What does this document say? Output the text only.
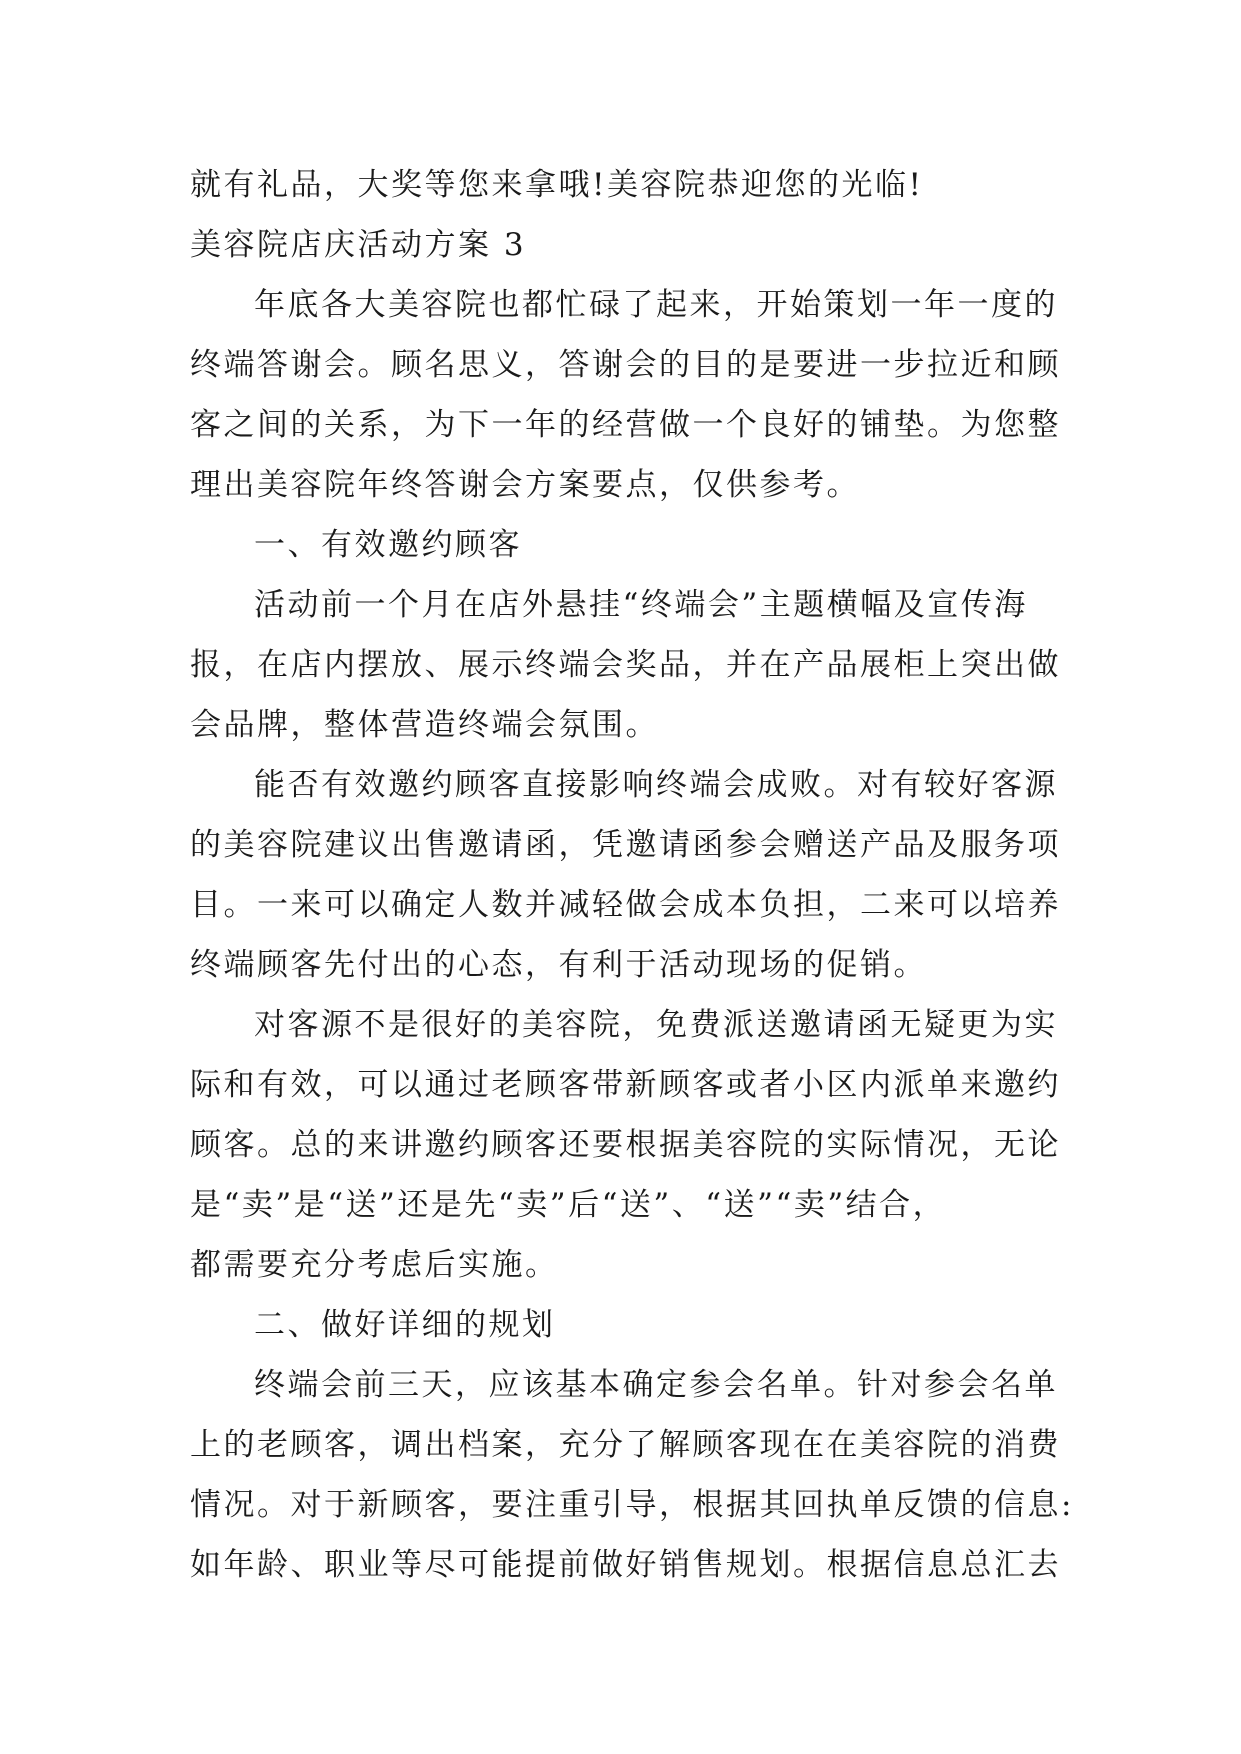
就有礼品，大奖等您来拿哦!美容院恭迎您的光临!
美容院店庆活动方案 3
年底各大美容院也都忙碌了起来，开始策划一年一度的
终端答谢会。顾名思义，答谢会的目的是要进一步拉近和顾
客之间的关系，为下一年的经营做一个良好的铺垫。为您整
理出美容院年终答谢会方案要点，仅供参考。
一、有效邀约顾客
活动前一个月在店外悬挂“终端会”主题横幅及宣传海
报，在店内摆放、展示终端会奖品，并在产品展柜上突出做
会品牌，整体营造终端会氛围。
能否有效邀约顾客直接影响终端会成败。对有较好客源
的美容院建议出售邀请函，凭邀请函参会赠送产品及服务项
目。一来可以确定人数并减轻做会成本负担，二来可以培养
终端顾客先付出的心态，有利于活动现场的促销。
对客源不是很好的美容院，免费派送邀请函无疑更为实
际和有效，可以通过老顾客带新顾客或者小区内派单来邀约
顾客。总的来讲邀约顾客还要根据美容院的实际情况，无论
是“卖”是“送”还是先“卖”后“送”、“送”“卖”结合，
都需要充分考虑后实施。
二、做好详细的规划
终端会前三天，应该基本确定参会名单。针对参会名单
上的老顾客，调出档案，充分了解顾客现在在美容院的消费
情况。对于新顾客，要注重引导，根据其回执单反馈的信息:
如年龄、职业等尽可能提前做好销售规划。根据信息总汇去
